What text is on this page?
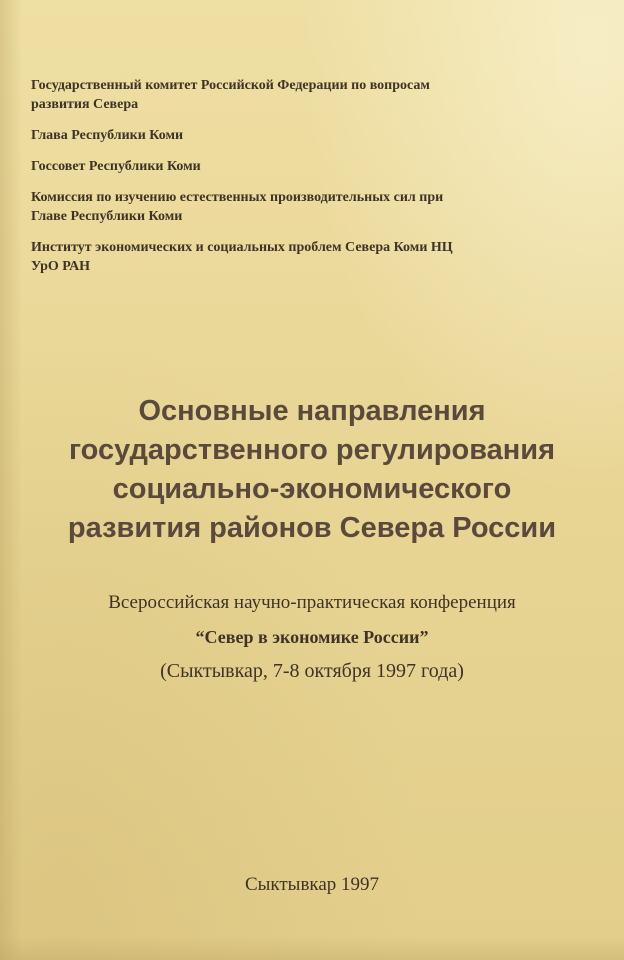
Государственный комитет Российской Федерации по вопросам
развития Севера
Глава Республики Коми
Госсовет Республики Коми
Комиссия по изучению естественных производительных сил при
Главе Республики Коми
Институт экономических и социальных проблем Севера Коми НЦ
УрО РАН
Основные направления
государственного регулирования
социально-экономического
развития районов Севера России
Всероссийская научно-практическая конференция
“Север в экономике России”
(Сыктывкар, 7-8 октября 1997 года)
Сыктывкар 1997
